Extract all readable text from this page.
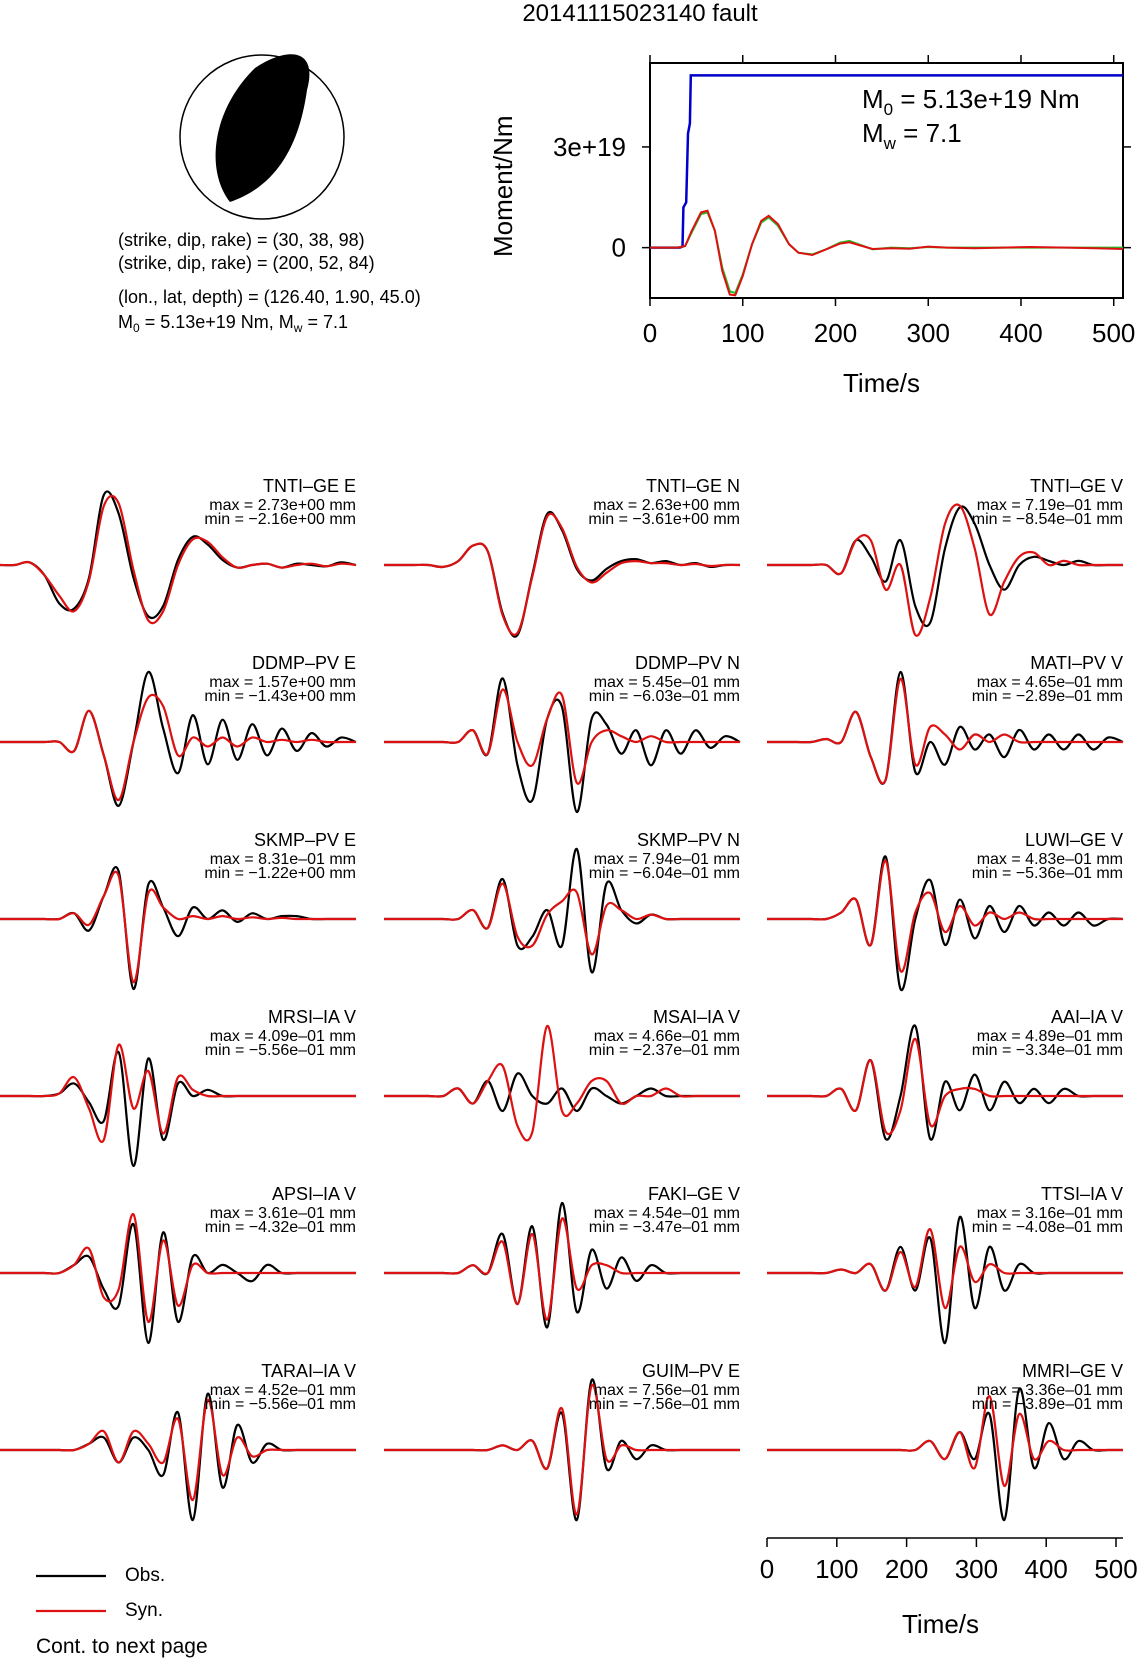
20141115023140 fault
0 100 200 300 400 500
0
3e+19
0 100 200 300 400 500
(strike, dip, rake) = (30, 38, 98)
(strike, dip, rake) = (200, 52, 84)
(lon., lat, depth) = (126.40, 1.90, 45.0)
$M_0 = 5.13e+19$ Nm, $M_w = 7.1$
$M_0 = 5.13e+19$ Nm
$M_w = 7.1$
Time/s
Moment/Nm
Time/s
Obs.
Syn.
Cont. to next page
TNTI–GE E
max = 2.73e+00 mm
min = −2.16e+00 mm
TNTI–GE N
max = 2.63e+00 mm
min = −3.61e+00 mm
TNTI–GE V
max = 7.19e–01 mm
min = −8.54e–01 mm
DDMP–PV E
max = 1.57e+00 mm
min = −1.43e+00 mm
DDMP–PV N
max = 5.45e–01 mm
min = −6.03e–01 mm
MATI–PV V
max = 4.65e–01 mm
min = −2.89e–01 mm
SKMP–PV E
max = 8.31e–01 mm
min = −1.22e+00 mm
SKMP–PV N
max = 7.94e–01 mm
min = −6.04e–01 mm
LUWI–GE V
max = 4.83e–01 mm
min = −5.36e–01 mm
MRSI–IA V
max = 4.09e–01 mm
min = −5.56e–01 mm
MSAI–IA V
max = 4.66e–01 mm
min = −2.37e–01 mm
AAI–IA V
max = 4.89e–01 mm
min = −3.34e–01 mm
APSI–IA V
max = 3.61e–01 mm
min = −4.32e–01 mm
FAKI–GE V
max = 4.54e–01 mm
min = −3.47e–01 mm
TTSI–IA V
max = 3.16e–01 mm
min = −4.08e–01 mm
TARAI–IA V
max = 4.52e–01 mm
min = −5.56e–01 mm
GUIM–PV E
max = 7.56e–01 mm
min = −7.56e–01 mm
MMRI–GE V
max = 3.36e–01 mm
min = −3.89e–01 mm
